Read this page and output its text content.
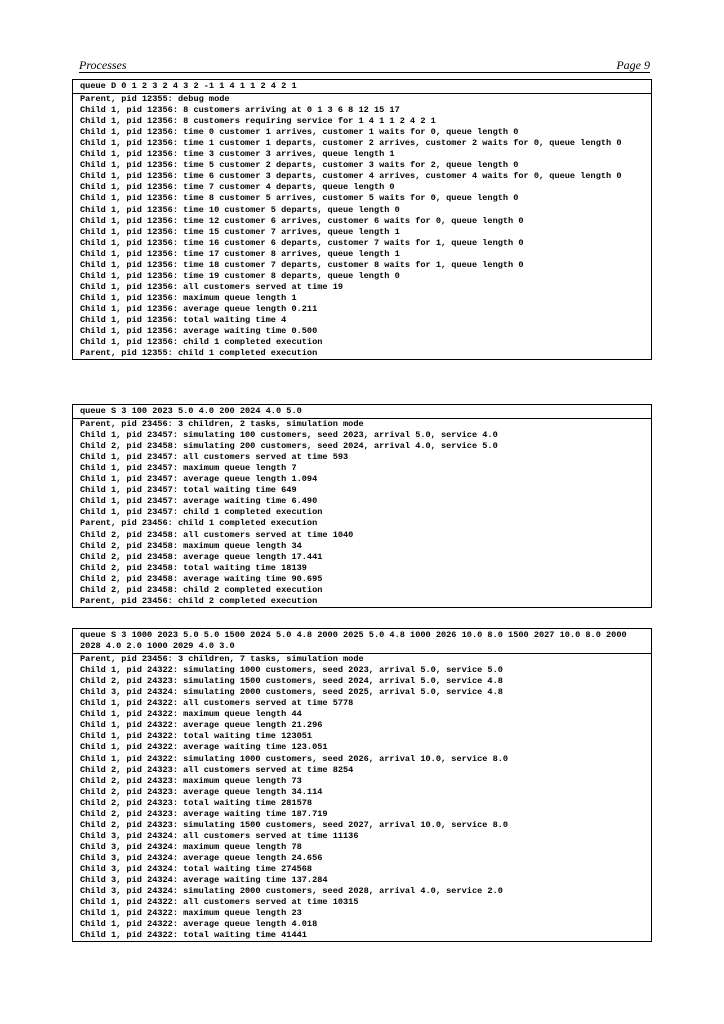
Processes	Page 9
queue D 0 1 2 3 2 4 3 2 -1 1 4 1 1 2 4 2 1
Parent, pid 12355: debug mode
Child 1, pid 12356: 8 customers arriving at 0 1 3 6 8 12 15 17
Child 1, pid 12356: 8 customers requiring service for 1 4 1 1 2 4 2 1
Child 1, pid 12356: time 0 customer 1 arrives, customer 1 waits for 0, queue length 0
Child 1, pid 12356: time 1 customer 1 departs, customer 2 arrives, customer 2 waits for 0, queue length 0
Child 1, pid 12356: time 3 customer 3 arrives, queue length 1
Child 1, pid 12356: time 5 customer 2 departs, customer 3 waits for 2, queue length 0
Child 1, pid 12356: time 6 customer 3 departs, customer 4 arrives, customer 4 waits for 0, queue length 0
Child 1, pid 12356: time 7 customer 4 departs, queue length 0
Child 1, pid 12356: time 8 customer 5 arrives, customer 5 waits for 0, queue length 0
Child 1, pid 12356: time 10 customer 5 departs, queue length 0
Child 1, pid 12356: time 12 customer 6 arrives, customer 6 waits for 0, queue length 0
Child 1, pid 12356: time 15 customer 7 arrives, queue length 1
Child 1, pid 12356: time 16 customer 6 departs, customer 7 waits for 1, queue length 0
Child 1, pid 12356: time 17 customer 8 arrives, queue length 1
Child 1, pid 12356: time 18 customer 7 departs, customer 8 waits for 1, queue length 0
Child 1, pid 12356: time 19 customer 8 departs, queue length 0
Child 1, pid 12356: all customers served at time 19
Child 1, pid 12356: maximum queue length 1
Child 1, pid 12356: average queue length 0.211
Child 1, pid 12356: total waiting time 4
Child 1, pid 12356: average waiting time 0.500
Child 1, pid 12356: child 1 completed execution
Parent, pid 12355: child 1 completed execution
queue S 3 100 2023 5.0 4.0 200 2024 4.0 5.0
Parent, pid 23456: 3 children, 2 tasks, simulation mode
Child 1, pid 23457: simulating 100 customers, seed 2023, arrival 5.0, service 4.0
Child 2, pid 23458: simulating 200 customers, seed 2024, arrival 4.0, service 5.0
Child 1, pid 23457: all customers served at time 593
Child 1, pid 23457: maximum queue length 7
Child 1, pid 23457: average queue length 1.094
Child 1, pid 23457: total waiting time 649
Child 1, pid 23457: average waiting time 6.490
Child 1, pid 23457: child 1 completed execution
Parent, pid 23456: child 1 completed execution
Child 2, pid 23458: all customers served at time 1040
Child 2, pid 23458: maximum queue length 34
Child 2, pid 23458: average queue length 17.441
Child 2, pid 23458: total waiting time 18139
Child 2, pid 23458: average waiting time 90.695
Child 2, pid 23458: child 2 completed execution
Parent, pid 23456: child 2 completed execution
queue S 3 1000 2023 5.0 5.0 1500 2024 5.0 4.8 2000 2025 5.0 4.8 1000 2026 10.0 8.0 1500 2027 10.0 8.0 2000 2028 4.0 2.0 1000 2029 4.0 3.0
Parent, pid 23456: 3 children, 7 tasks, simulation mode
Child 1, pid 24322: simulating 1000 customers, seed 2023, arrival 5.0, service 5.0
Child 2, pid 24323: simulating 1500 customers, seed 2024, arrival 5.0, service 4.8
Child 3, pid 24324: simulating 2000 customers, seed 2025, arrival 5.0, service 4.8
Child 1, pid 24322: all customers served at time 5778
Child 1, pid 24322: maximum queue length 44
Child 1, pid 24322: average queue length 21.296
Child 1, pid 24322: total waiting time 123051
Child 1, pid 24322: average waiting time 123.051
Child 1, pid 24322: simulating 1000 customers, seed 2026, arrival 10.0, service 8.0
Child 2, pid 24323: all customers served at time 8254
Child 2, pid 24323: maximum queue length 73
Child 2, pid 24323: average queue length 34.114
Child 2, pid 24323: total waiting time 281578
Child 2, pid 24323: average waiting time 187.719
Child 2, pid 24323: simulating 1500 customers, seed 2027, arrival 10.0, service 8.0
Child 3, pid 24324: all customers served at time 11136
Child 3, pid 24324: maximum queue length 78
Child 3, pid 24324: average queue length 24.656
Child 3, pid 24324: total waiting time 274568
Child 3, pid 24324: average waiting time 137.284
Child 3, pid 24324: simulating 2000 customers, seed 2028, arrival 4.0, service 2.0
Child 1, pid 24322: all customers served at time 10315
Child 1, pid 24322: maximum queue length 23
Child 1, pid 24322: average queue length 4.018
Child 1, pid 24322: total waiting time 41441
